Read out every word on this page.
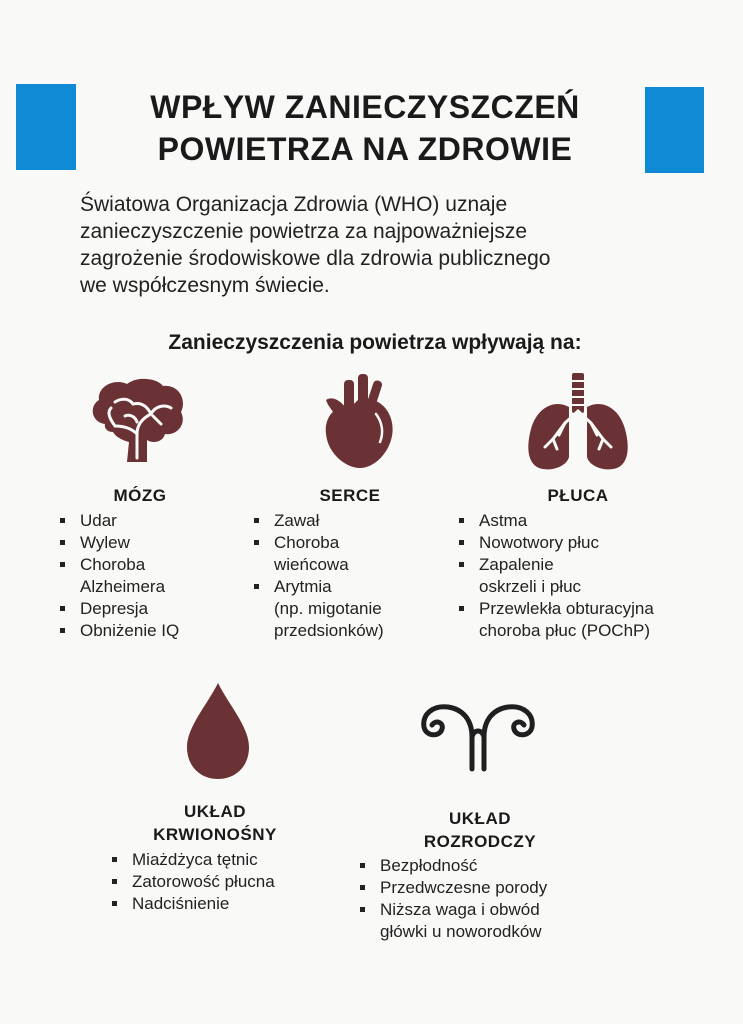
WPŁYW ZANIECZYSZCZEŃ
POWIETRZA NA ZDROWIE
Światowa Organizacja Zdrowia (WHO) uznaje
zanieczyszczenie powietrza za najpoważniejsze
zagrożenie środowiskowe dla zdrowia publicznego
we współczesnym świecie.
Zanieczyszczenia powietrza wpływają na:
MÓZG
Udar
Wylew
Choroba
Alzheimera
Depresja
Obniżenie IQ
SERCE
Zawał
Choroba
wieńcowa
Arytmia
(np. migotanie
przedsionków)
PŁUCA
Astma
Nowotwory płuc
Zapalenie
oskrzeli i płuc
Przewlekła obturacyjna
choroba płuc (POChP)
UKŁAD
KRWIONOŚNY
Miażdżyca tętnic
Zatorowość płucna
Nadciśnienie
UKŁAD
ROZRODCZY
Bezpłodność
Przedwczesne porody
Niższa waga i obwód
główki u noworodków
